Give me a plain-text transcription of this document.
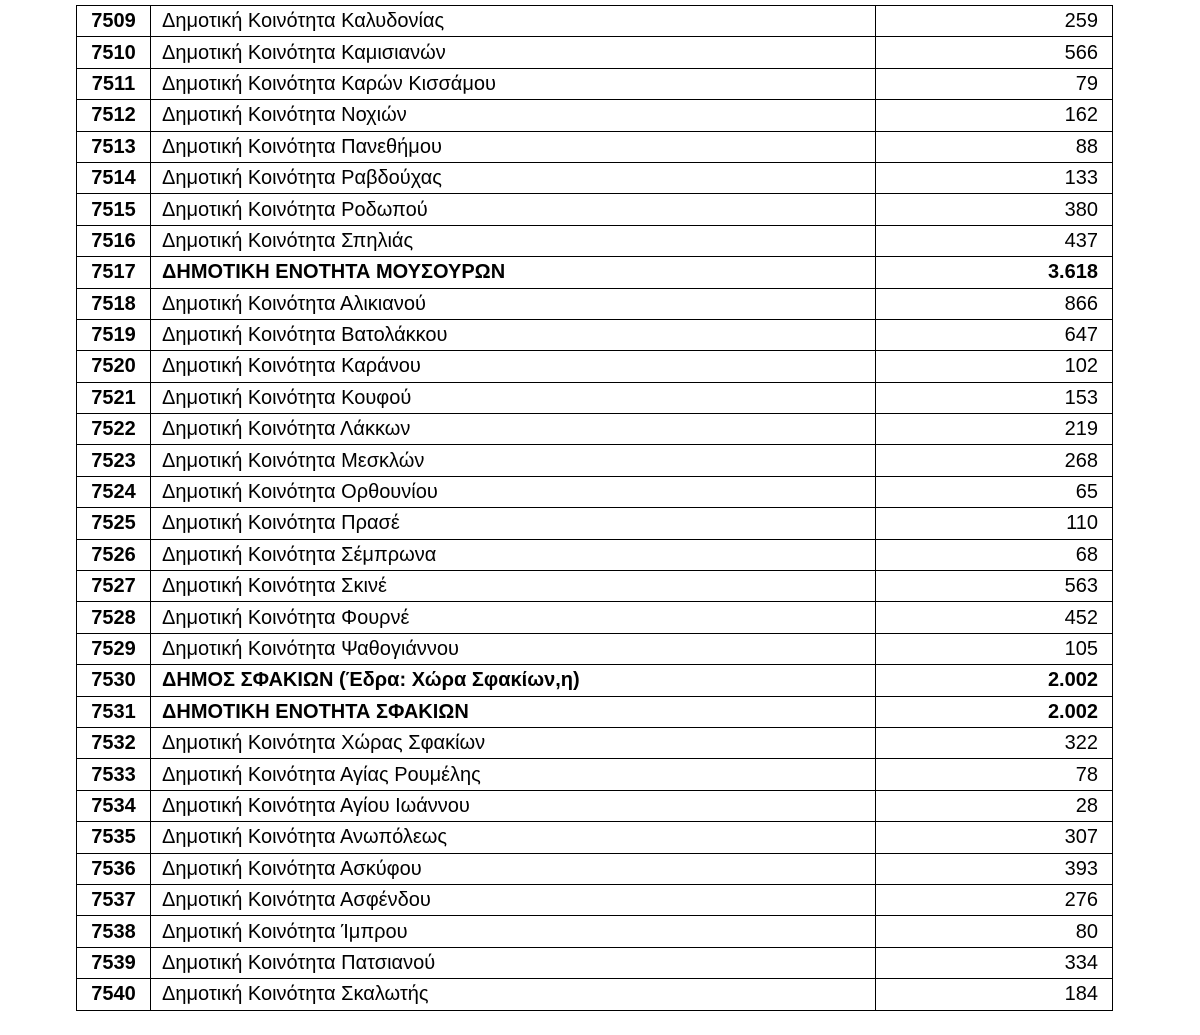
7509	Δημοτική Κοινότητα Καλυδονίας	259
7510	Δημοτική Κοινότητα Καμισιανών	566
7511	Δημοτική Κοινότητα Καρών Κισσάμου	79
7512	Δημοτική Κοινότητα Νοχιών	162
7513	Δημοτική Κοινότητα Πανεθήμου	88
7514	Δημοτική Κοινότητα Ραβδούχας	133
7515	Δημοτική Κοινότητα Ροδωπού	380
7516	Δημοτική Κοινότητα Σπηλιάς	437
7517	ΔΗΜΟΤΙΚΗ ΕΝΟΤΗΤΑ ΜΟΥΣΟΥΡΩΝ	3.618
7518	Δημοτική Κοινότητα Αλικιανού	866
7519	Δημοτική Κοινότητα Βατολάκκου	647
7520	Δημοτική Κοινότητα Καράνου	102
7521	Δημοτική Κοινότητα Κουφού	153
7522	Δημοτική Κοινότητα Λάκκων	219
7523	Δημοτική Κοινότητα Μεσκλών	268
7524	Δημοτική Κοινότητα Ορθουνίου	65
7525	Δημοτική Κοινότητα Πρασέ	110
7526	Δημοτική Κοινότητα Σέμπρωνα	68
7527	Δημοτική Κοινότητα Σκινέ	563
7528	Δημοτική Κοινότητα Φουρνέ	452
7529	Δημοτική Κοινότητα Ψαθογιάννου	105
7530	ΔΗΜΟΣ ΣΦΑΚΙΩΝ (Έδρα: Χώρα Σφακίων,η)	2.002
7531	ΔΗΜΟΤΙΚΗ ΕΝΟΤΗΤΑ ΣΦΑΚΙΩΝ	2.002
7532	Δημοτική Κοινότητα Χώρας Σφακίων	322
7533	Δημοτική Κοινότητα Αγίας Ρουμέλης	78
7534	Δημοτική Κοινότητα Αγίου Ιωάννου	28
7535	Δημοτική Κοινότητα Ανωπόλεως	307
7536	Δημοτική Κοινότητα Ασκύφου	393
7537	Δημοτική Κοινότητα Ασφένδου	276
7538	Δημοτική Κοινότητα Ίμπρου	80
7539	Δημοτική Κοινότητα Πατσιανού	334
7540	Δημοτική Κοινότητα Σκαλωτής	184
